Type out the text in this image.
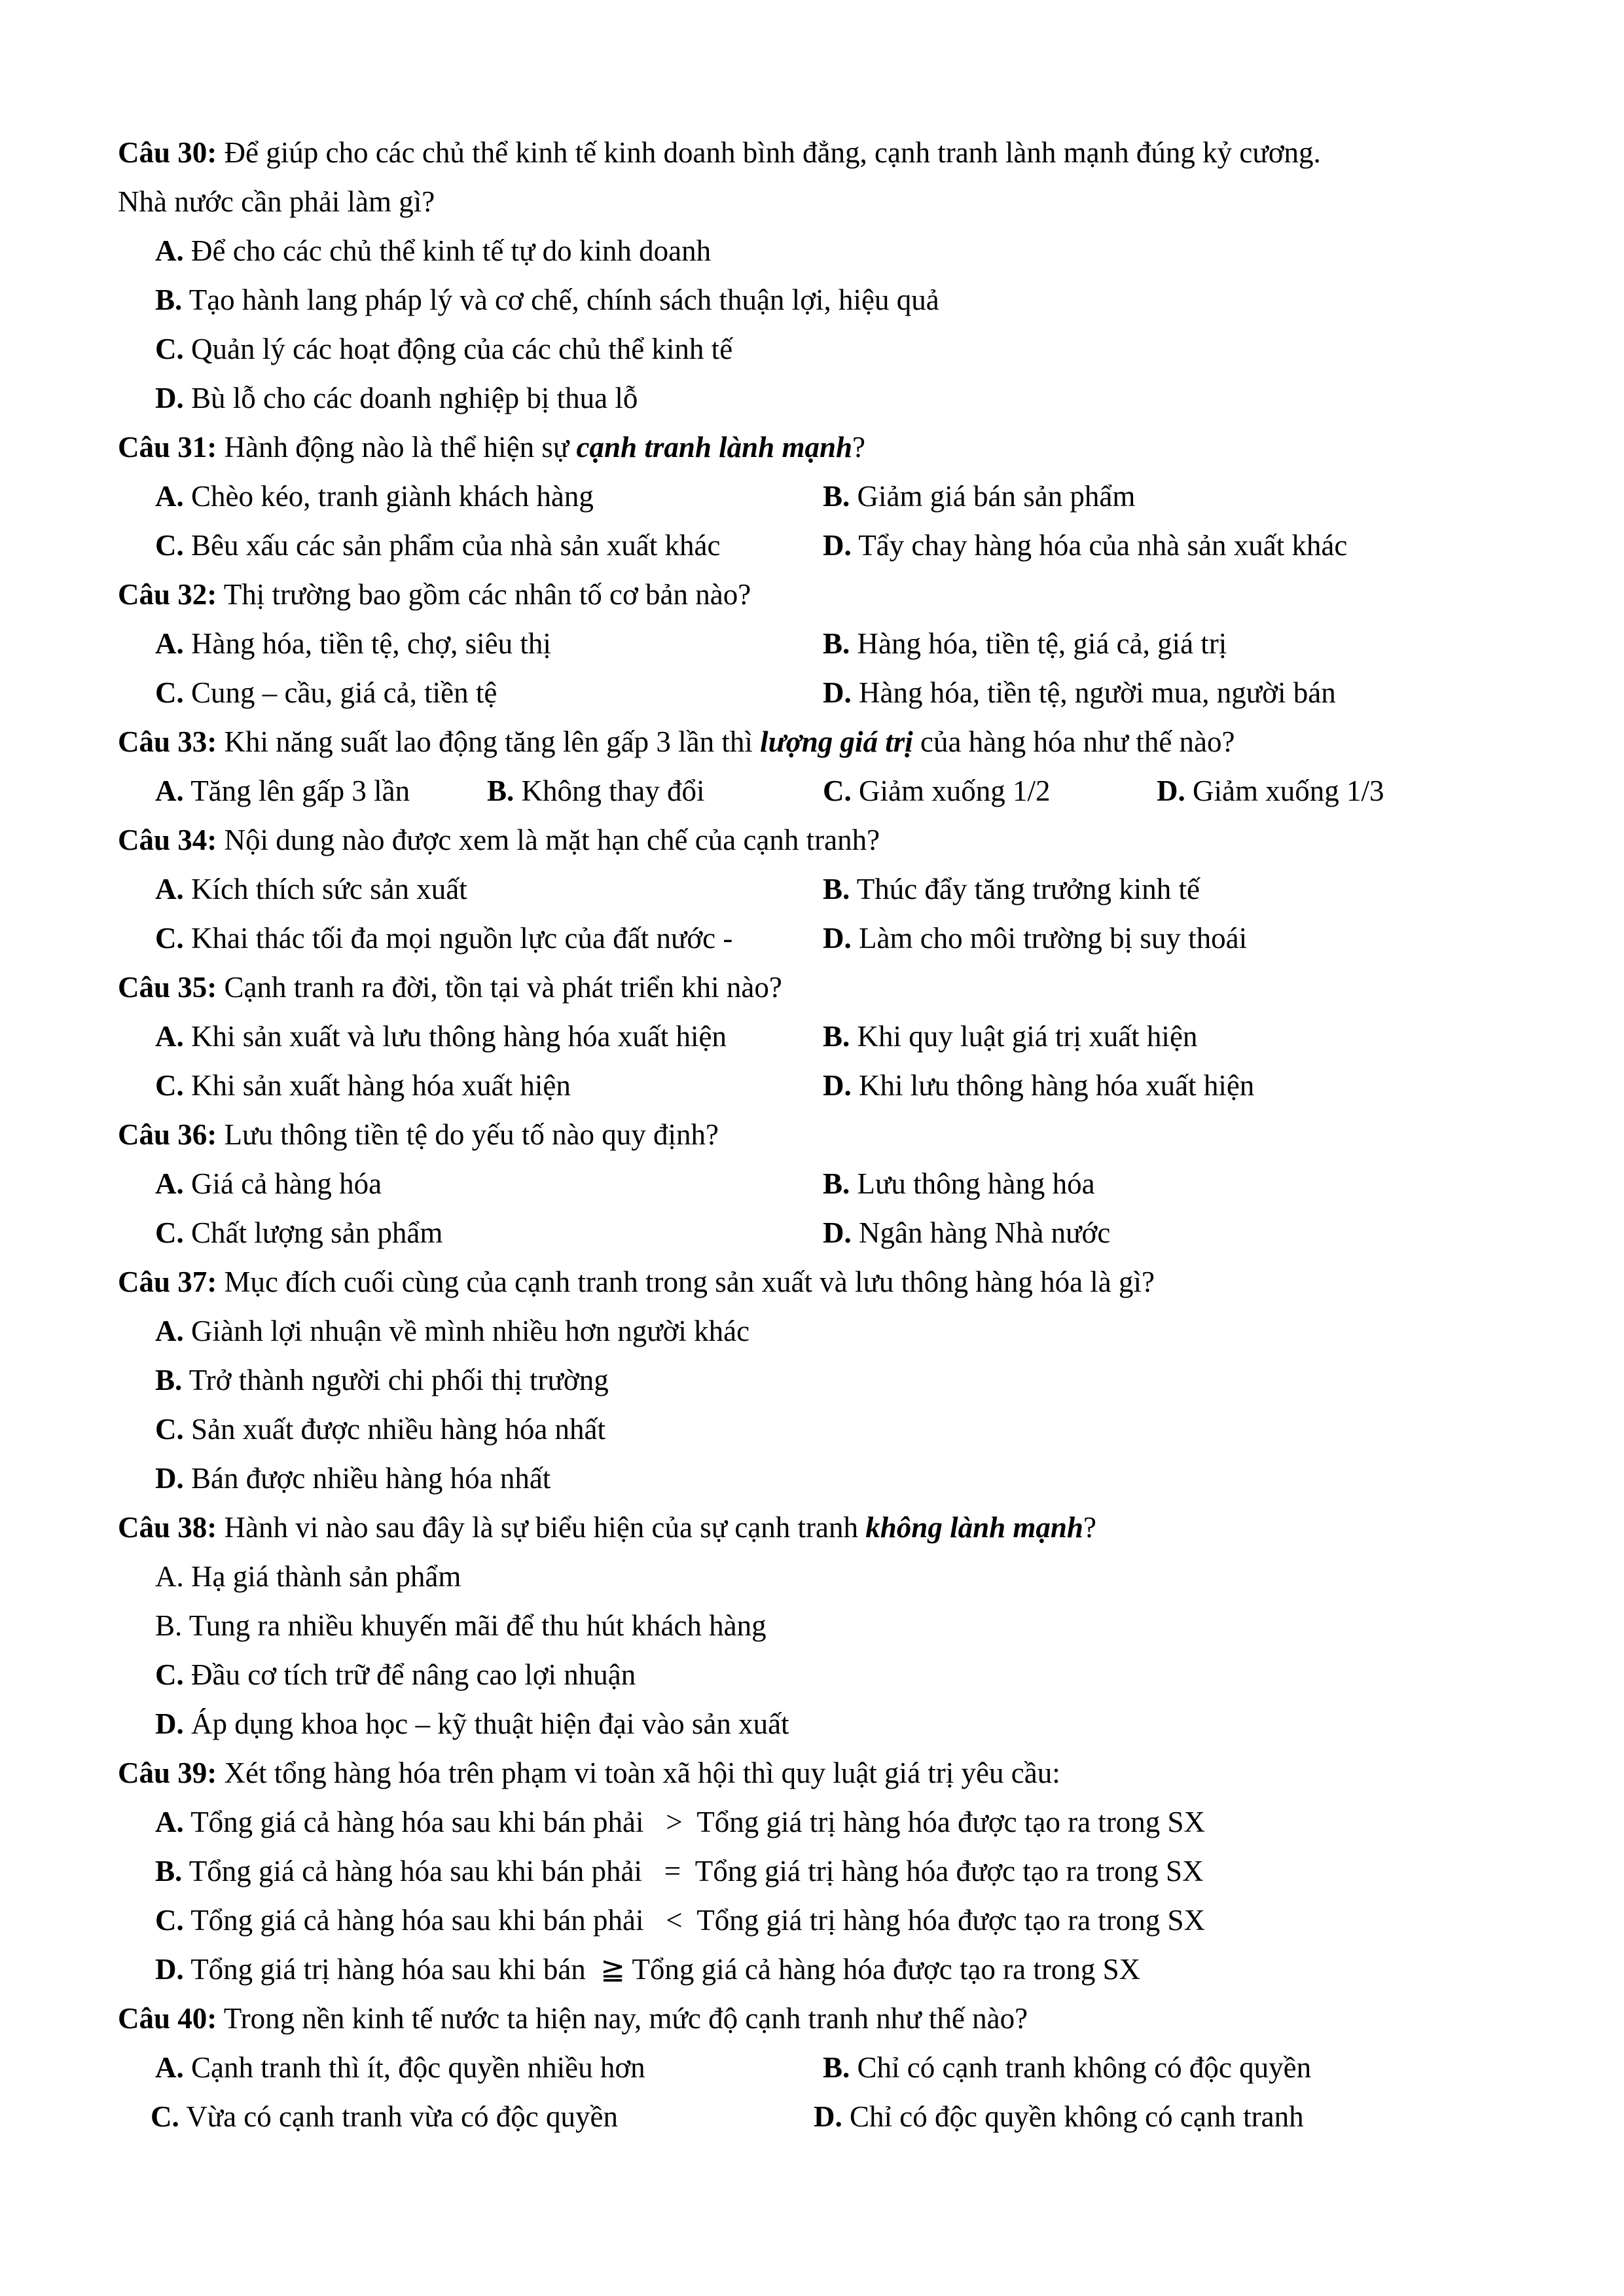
Câu 30: Để giúp cho các chủ thể kinh tế kinh doanh bình đẳng, cạnh tranh lành mạnh đúng kỷ cương.
Nhà nước cần phải làm gì?
A. Để cho các chủ thể kinh tế tự do kinh doanh
B. Tạo hành lang pháp lý và cơ chế, chính sách thuận lợi, hiệu quả
C. Quản lý các hoạt động của các chủ thể kinh tế
D. Bù lỗ cho các doanh nghiệp bị thua lỗ
Câu 31: Hành động nào là thể hiện sự cạnh tranh lành mạnh?
A. Chèo kéo, tranh giành khách hàng	B. Giảm giá bán sản phẩm
C. Bêu xấu các sản phẩm của nhà sản xuất khác	D. Tẩy chay hàng hóa của nhà sản xuất khác
Câu 32: Thị trường bao gồm các nhân tố cơ bản nào?
A. Hàng hóa, tiền tệ, chợ, siêu thị	B. Hàng hóa, tiền tệ, giá cả, giá trị
C. Cung – cầu, giá cả, tiền tệ	D. Hàng hóa, tiền tệ, người mua, người bán
Câu 33: Khi năng suất lao động tăng lên gấp 3 lần thì lượng giá trị của hàng hóa như thế nào?
A. Tăng lên gấp 3 lần	B. Không thay đổi	C. Giảm xuống 1/2	D. Giảm xuống 1/3
Câu 34: Nội dung nào được xem là mặt hạn chế của cạnh tranh?
A. Kích thích sức sản xuất	B. Thúc đẩy tăng trưởng kinh tế
C. Khai thác tối đa mọi nguồn lực của đất nước -	D. Làm cho môi trường bị suy thoái
Câu 35: Cạnh tranh ra đời, tồn tại và phát triển khi nào?
A. Khi sản xuất và lưu thông hàng hóa xuất hiện	B. Khi quy luật giá trị xuất hiện
C. Khi sản xuất hàng hóa xuất hiện	D. Khi lưu thông hàng hóa xuất hiện
Câu 36: Lưu thông tiền tệ do yếu tố nào quy định?
A. Giá cả hàng hóa	B. Lưu thông hàng hóa
C. Chất lượng sản phẩm	D. Ngân hàng Nhà nước
Câu 37: Mục đích cuối cùng của cạnh tranh trong sản xuất và lưu thông hàng hóa là gì?
A. Giành lợi nhuận về mình nhiều hơn người khác
B. Trở thành người chi phối thị trường
C. Sản xuất được nhiều hàng hóa nhất
D. Bán được nhiều hàng hóa nhất
Câu 38: Hành vi nào sau đây là sự biểu hiện của sự cạnh tranh không lành mạnh?
A. Hạ giá thành sản phẩm
B. Tung ra nhiều khuyến mãi để thu hút khách hàng
C. Đầu cơ tích trữ để nâng cao lợi nhuận
D. Áp dụng khoa học – kỹ thuật hiện đại vào sản xuất
Câu 39: Xét tổng hàng hóa trên phạm vi toàn xã hội thì quy luật giá trị yêu cầu:
A. Tổng giá cả hàng hóa sau khi bán phải   >  Tổng giá trị hàng hóa được tạo ra trong SX
B. Tổng giá cả hàng hóa sau khi bán phải   =  Tổng giá trị hàng hóa được tạo ra trong SX
C. Tổng giá cả hàng hóa sau khi bán phải   <  Tổng giá trị hàng hóa được tạo ra trong SX
D. Tổng giá trị hàng hóa sau khi bán  ≧ Tổng giá cả hàng hóa được tạo ra trong SX
Câu 40: Trong nền kinh tế nước ta hiện nay, mức độ cạnh tranh như thế nào?
A. Cạnh tranh thì ít, độc quyền nhiều hơn	B. Chỉ có cạnh tranh không có độc quyền
C. Vừa có cạnh tranh vừa có độc quyền	D. Chỉ có độc quyền không có cạnh tranh
